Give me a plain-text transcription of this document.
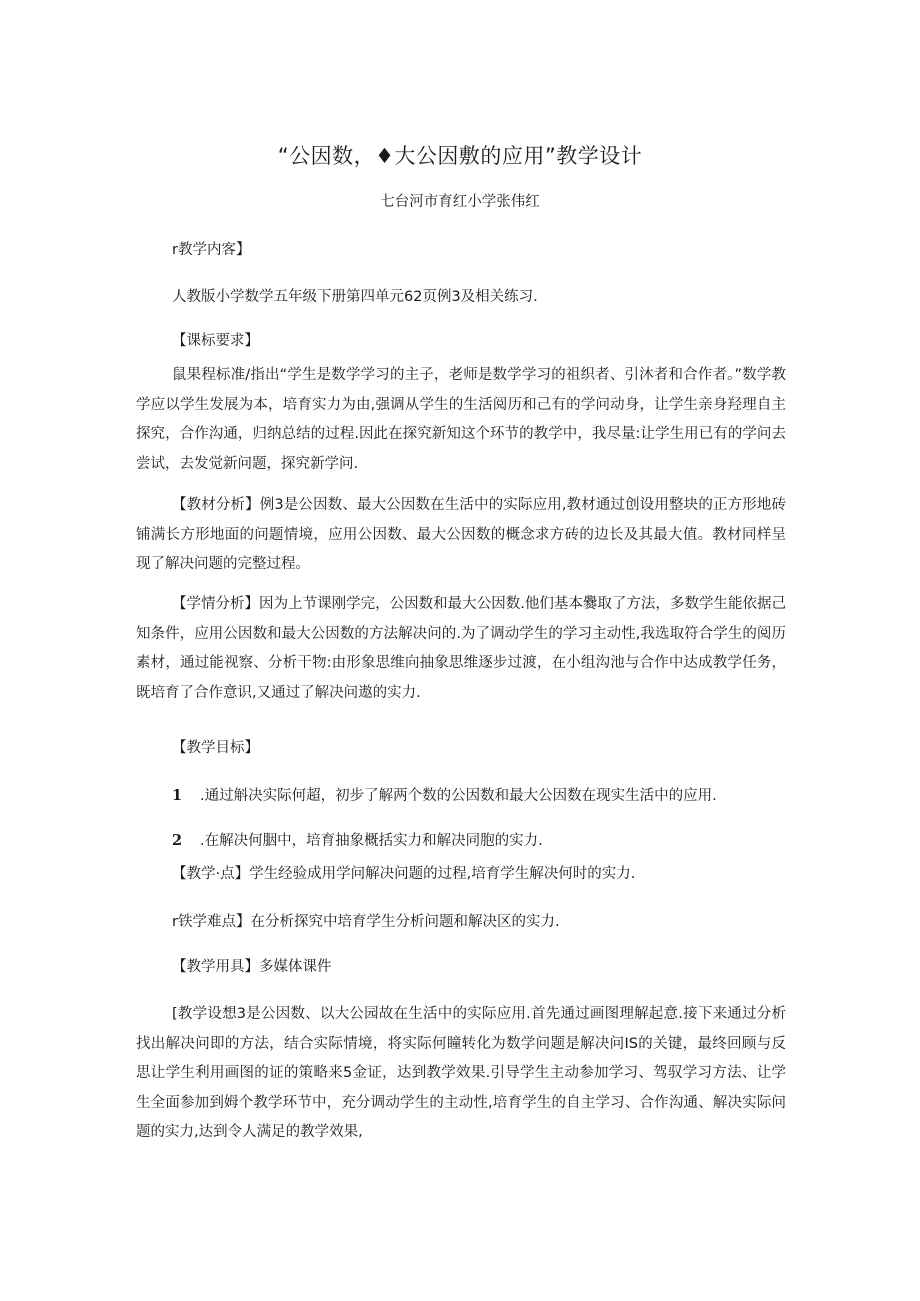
“公因数，♦大公因敷的应用”教学设计
七台河市育红小学张伟红
r教学内客】
人教版小学数学五年级下册第四单元62页例3及相关练习.
【课标要求】
鼠果程标准/指出“学生是数学学习的主子，老师是数学学习的祖织者、引沐者和合作者。”数学教学应以学生发展为本，培育实力为由,强调从学生的生活阅历和己有的学问动身，让学生亲身羟理自主探究，合作沟通，归纳总结的过程.因此在探究新知这个环节的教学中，我尽量:让学生用已有的学问去尝试，去发觉新问题，探究新学问.
【教材分析】例3是公因数、最大公因数在生活中的实际应用,教材通过创设用整块的正方形地砖铺满长方形地面的问题情境，应用公因数、最大公因数的概念求方砖的边长及其最大值。教材同样呈现了解决问题的完整过程。
【学情分析】因为上节课刚学完，公因数和最大公因数.他们基本爨取了方法，多数学生能依据己知条件，应用公因数和最大公因数的方法解决问的.为了调动学生的学习主动性,我选取符合学生的阅历素材，通过能视察、分析干物:由形象思维向抽象思维逐步过渡，在小组沟池与合作中达成教学任务，既培育了合作意识,又通过了解决问遨的实力.
【教学目标】
1 .通过斛决实际何超，初步了解两个数的公因数和最大公因数在现实生活中的应用.
2 .在解决何胭中，培育抽象概括实力和解决同胞的实力.
【教学·点】学生经验成用学问解决问题的过程,培育学生解决何时的实力.
r铁学难点】在分析探究中培育学生分析问题和解决区的实力.
【教学用具】多媒体课件
[教学设想3是公因数、以大公园故在生活中的实际应用.首先通过画图理解起意.接下来通过分析找出解决问即的方法，结合实际情境，将实际何瞳转化为数学问题是解决问IS的关键，最终回顾与反思让学生利用画图的证的策略来5金证，达到教学效果.引导学生主动参加学习、驾驭学习方法、让学生全面参加到姆个教学环节中，充分调动学生的主动性,培育学生的自主学习、合作沟通、解决实际问题的实力,达到令人满足的教学效果,
